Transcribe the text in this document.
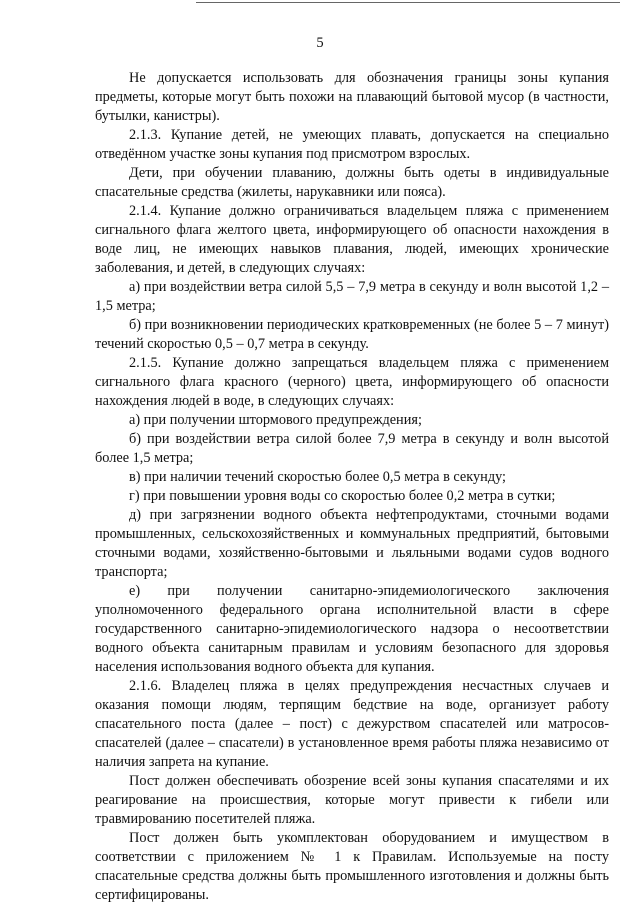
5

Не допускается использовать для обозначения границы зоны купания предметы, которые могут быть похожи на плавающий бытовой мусор (в частности, бутылки, канистры).

2.1.3. Купание детей, не умеющих плавать, допускается на специально отведённом участке зоны купания под присмотром взрослых.

Дети, при обучении плаванию, должны быть одеты в индивидуальные спасательные средства (жилеты, нарукавники или пояса).

2.1.4. Купание должно ограничиваться владельцем пляжа с применением сигнального флага желтого цвета, информирующего об опасности нахождения в воде лиц, не имеющих навыков плавания, людей, имеющих хронические заболевания, и детей, в следующих случаях:

а) при воздействии ветра силой 5,5 – 7,9 метра в секунду и волн высотой 1,2 – 1,5 метра;

б) при возникновении периодических кратковременных (не более 5 – 7 минут) течений скоростью 0,5 – 0,7 метра в секунду.

2.1.5. Купание должно запрещаться владельцем пляжа с применением сигнального флага красного (черного) цвета, информирующего об опасности нахождения людей в воде, в следующих случаях:

а) при получении штормового предупреждения;

б) при воздействии ветра силой более 7,9 метра в секунду и волн высотой более 1,5 метра;

в) при наличии течений скоростью более 0,5 метра в секунду;

г) при повышении уровня воды со скоростью более 0,2 метра в сутки;

д) при загрязнении водного объекта нефтепродуктами, сточными водами промышленных, сельскохозяйственных и коммунальных предприятий, бытовыми сточными водами, хозяйственно-бытовыми и льяльными водами судов водного транспорта;

е) при получении санитарно-эпидемиологического заключения уполномоченного федерального органа исполнительной власти в сфере государственного санитарно-эпидемиологического надзора о несоответствии водного объекта санитарным правилам и условиям безопасного для здоровья населения использования водного объекта для купания.

2.1.6. Владелец пляжа в целях предупреждения несчастных случаев и оказания помощи людям, терпящим бедствие на воде, организует работу спасательного поста (далее – пост) с дежурством спасателей или матросов-спасателей (далее – спасатели) в установленное время работы пляжа независимо от наличия запрета на купание.

Пост должен обеспечивать обозрение всей зоны купания спасателями и их реагирование на происшествия, которые могут привести к гибели или травмированию посетителей пляжа.

Пост должен быть укомплектован оборудованием и имуществом в соответствии с приложением № 1 к Правилам. Используемые на посту спасательные средства должны быть промышленного изготовления и должны быть сертифицированы.
